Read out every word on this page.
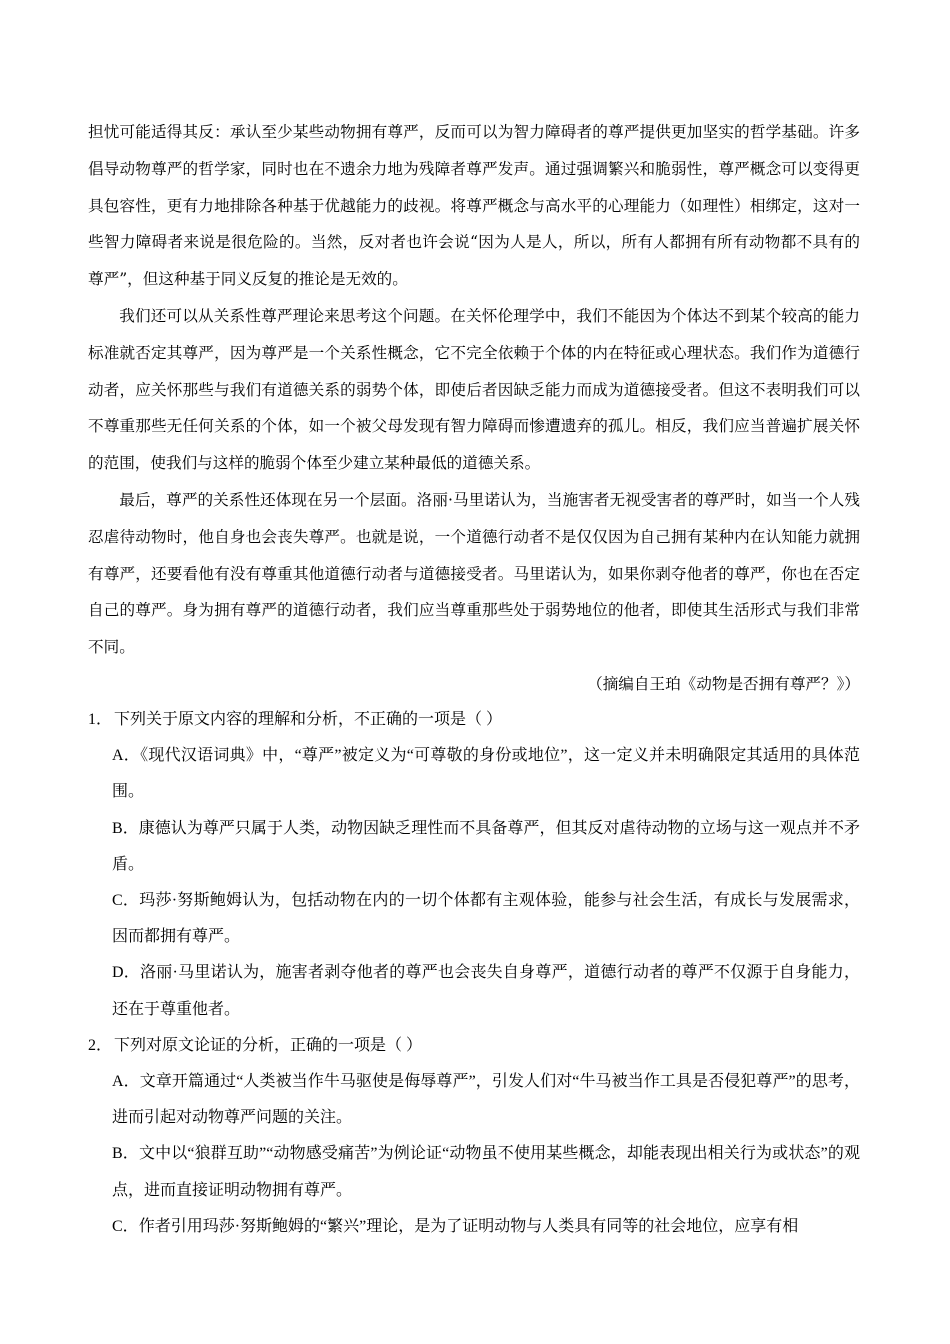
担忧可能适得其反：承认至少某些动物拥有尊严，反而可以为智力障碍者的尊严提供更加坚实的哲学基础。许多倡导动物尊严的哲学家，同时也在不遗余力地为残障者尊严发声。通过强调繁兴和脆弱性，尊严概念可以变得更具包容性，更有力地排除各种基于优越能力的歧视。将尊严概念与高水平的心理能力（如理性）相绑定，这对一些智力障碍者来说是很危险的。当然，反对者也许会说“因为人是人，所以，所有人都拥有所有动物都不具有的尊严”，但这种基于同义反复的推论是无效的。

我们还可以从关系性尊严理论来思考这个问题。在关怀伦理学中，我们不能因为个体达不到某个较高的能力标准就否定其尊严，因为尊严是一个关系性概念，它不完全依赖于个体的内在特征或心理状态。我们作为道德行动者，应关怀那些与我们有道德关系的弱势个体，即使后者因缺乏能力而成为道德接受者。但这不表明我们可以不尊重那些无任何关系的个体，如一个被父母发现有智力障碍而惨遭遗弃的孤儿。相反，我们应当普遍扩展关怀的范围，使我们与这样的脆弱个体至少建立某种最低的道德关系。

最后，尊严的关系性还体现在另一个层面。洛丽·马里诺认为，当施害者无视受害者的尊严时，如当一个人残忍虐待动物时，他自身也会丧失尊严。也就是说，一个道德行动者不是仅仅因为自己拥有某种内在认知能力就拥有尊严，还要看他有没有尊重其他道德行动者与道德接受者。马里诺认为，如果你剥夺他者的尊严，你也在否定自己的尊严。身为拥有尊严的道德行动者，我们应当尊重那些处于弱势地位的他者，即使其生活形式与我们非常不同。

（摘编自王珀《动物是否拥有尊严？》）

1． 下列关于原文内容的理解和分析，不正确的一项是（ ）

A．《现代汉语词典》中，“尊严”被定义为“可尊敬的身份或地位”，这一定义并未明确限定其适用的具体范围。

B．康德认为尊严只属于人类，动物因缺乏理性而不具备尊严，但其反对虐待动物的立场与这一观点并不矛盾。

C．玛莎·努斯鲍姆认为，包括动物在内的一切个体都有主观体验，能参与社会生活，有成长与发展需求，因而都拥有尊严。

D．洛丽·马里诺认为，施害者剥夺他者的尊严也会丧失自身尊严，道德行动者的尊严不仅源于自身能力，还在于尊重他者。

2． 下列对原文论证的分析，正确的一项是（ ）

A．文章开篇通过“人类被当作牛马驱使是侮辱尊严”，引发人们对“牛马被当作工具是否侵犯尊严”的思考，进而引起对动物尊严问题的关注。

B．文中以“狼群互助”“动物感受痛苦”为例论证“动物虽不使用某些概念，却能表现出相关行为或状态”的观点，进而直接证明动物拥有尊严。

C．作者引用玛莎·努斯鲍姆的“繁兴”理论，是为了证明动物与人类具有同等的社会地位，应享有相
